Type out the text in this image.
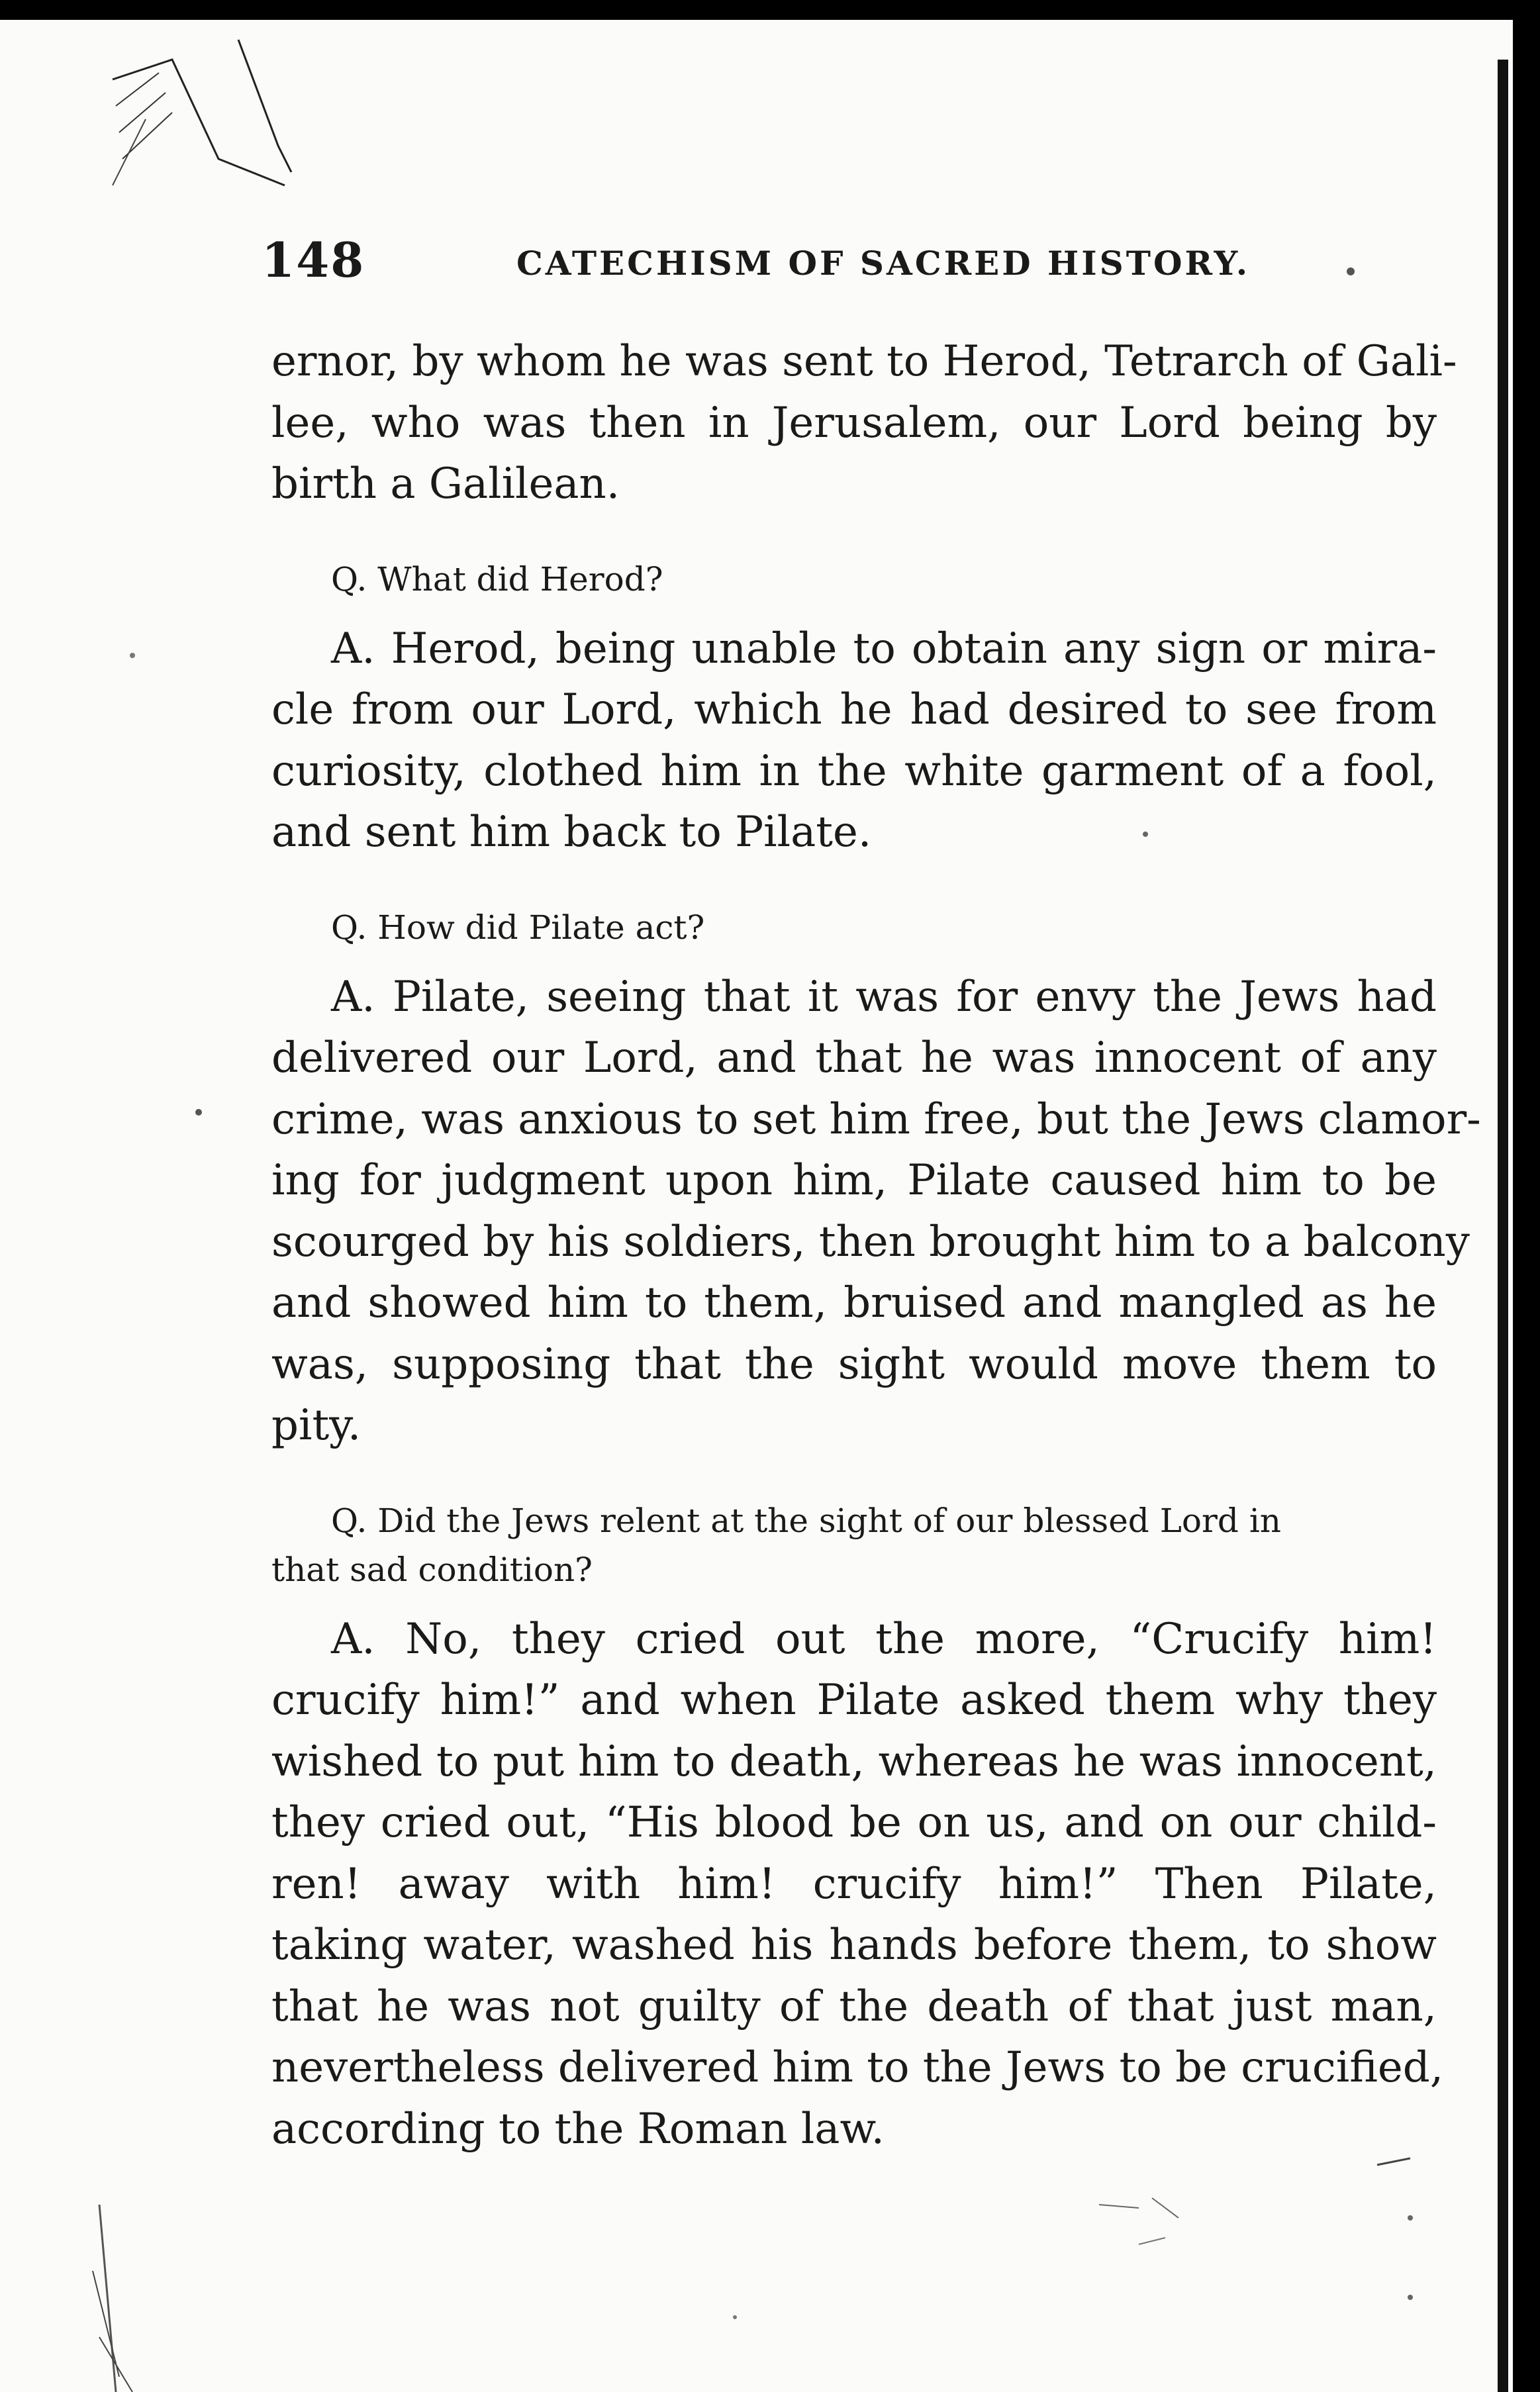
148	CATECHISM OF SACRED HISTORY.

ernor, by whom he was sent to Herod, Tetrarch of Gali-
lee, who was then in Jerusalem, our Lord being by
birth a Galilean.

Q. What did Herod?

A. Herod, being unable to obtain any sign or mira-
cle from our Lord, which he had desired to see from
curiosity, clothed him in the white garment of a fool,
and sent him back to Pilate.

Q. How did Pilate act?

A. Pilate, seeing that it was for envy the Jews had
delivered our Lord, and that he was innocent of any
crime, was anxious to set him free, but the Jews clamor-
ing for judgment upon him, Pilate caused him to be
scourged by his soldiers, then brought him to a balcony
and showed him to them, bruised and mangled as he
was, supposing that the sight would move them to
pity.

Q. Did the Jews relent at the sight of our blessed Lord in
that sad condition?

A. No, they cried out the more, “Crucify him!
crucify him!” and when Pilate asked them why they
wished to put him to death, whereas he was innocent,
they cried out, “His blood be on us, and on our child-
ren! away with him! crucify him!” Then Pilate,
taking water, washed his hands before them, to show
that he was not guilty of the death of that just man,
nevertheless delivered him to the Jews to be crucified,
according to the Roman law.
